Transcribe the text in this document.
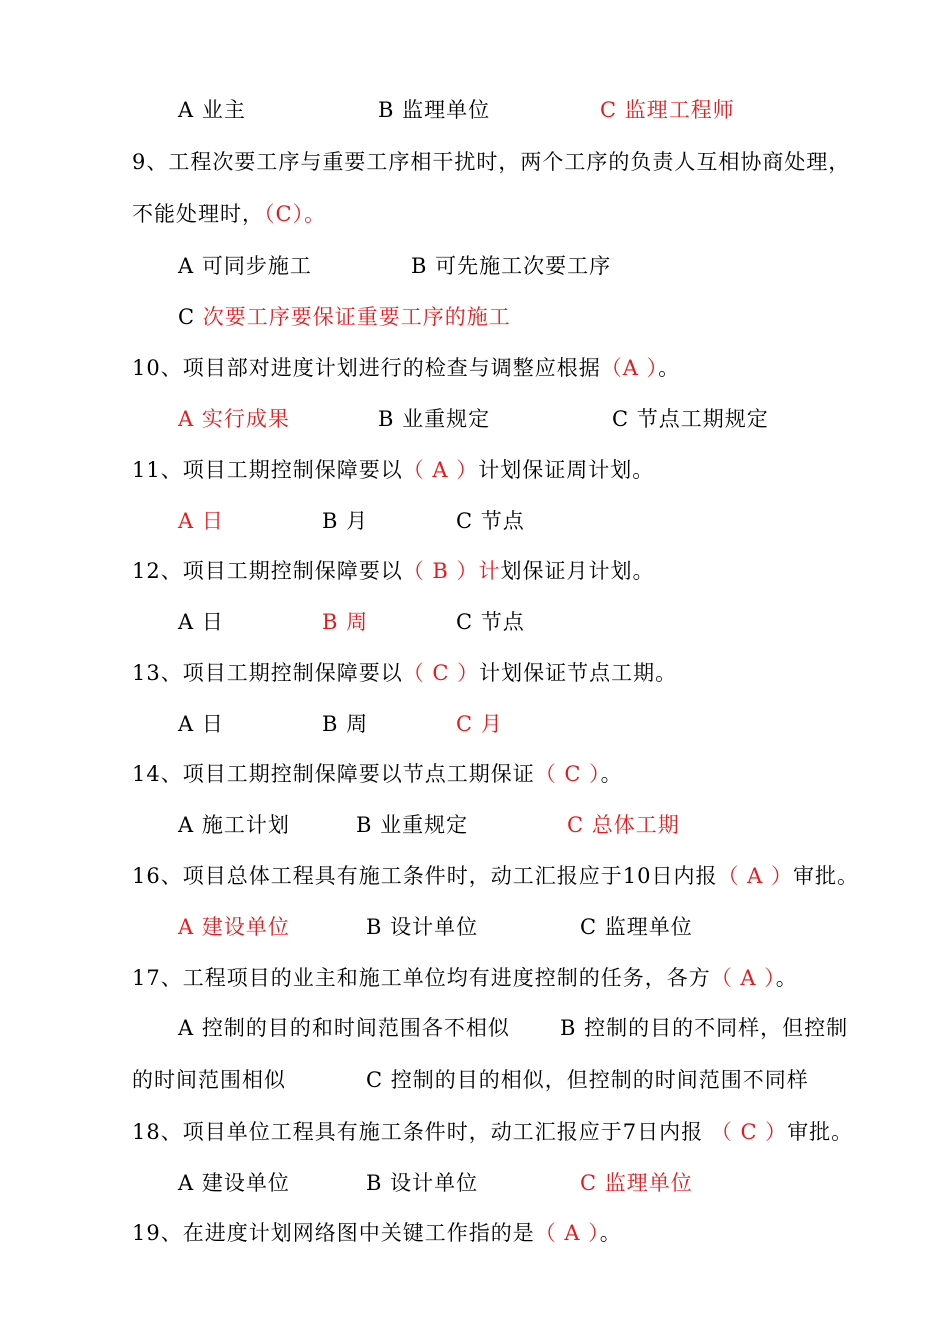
A 业主	B 监理单位	C 监理工程师
9、工程次要工序与重要工序相干扰时，两个工序的负责人互相协商处理，
不能处理时，（C）。
A 可同步施工	B 可先施工次要工序
C 次要工序要保证重要工序的施工
10、项目部对进度计划进行的检查与调整应根据（A ）。
A 实行成果	B 业重规定	C 节点工期规定
11、项目工期控制保障要以（ A ）计划保证周计划。
A 日	B 月	C 节点
12、项目工期控制保障要以（ B ）计划保证月计划。
A 日	B 周	C 节点
13、项目工期控制保障要以（ C ）计划保证节点工期。
A 日	B 周	C 月
14、项目工期控制保障要以节点工期保证（ C ）。
A 施工计划	B 业重规定	C 总体工期
16、项目总体工程具有施工条件时，动工汇报应于10日内报（ A ）审批。
A 建设单位	B 设计单位	C 监理单位
17、工程项目的业主和施工单位均有进度控制的任务，各方（ A ）。
A 控制的目的和时间范围各不相似 B 控制的目的不同样，但控制
的时间范围相似	C 控制的目的相似，但控制的时间范围不同样
18、项目单位工程具有施工条件时，动工汇报应于7日内报 （ C ）审批。
A 建设单位	B 设计单位	C 监理单位
19、在进度计划网络图中关键工作指的是（ A ）。
